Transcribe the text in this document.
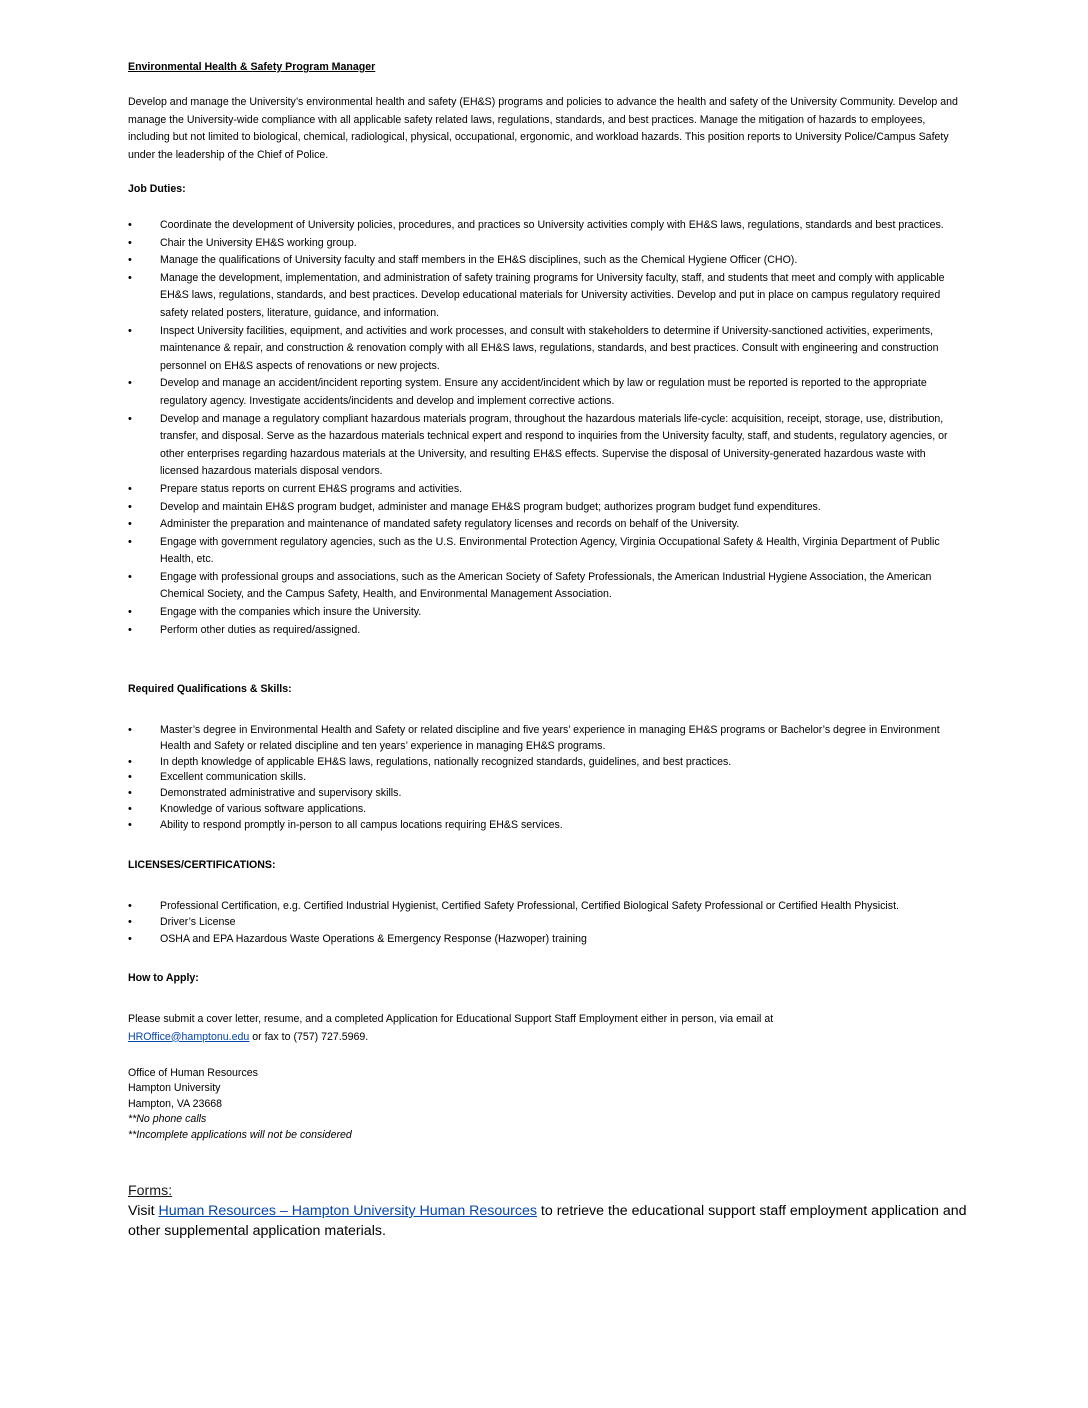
Environmental Health & Safety Program Manager
Develop and manage the University’s environmental health and safety (EH&S) programs and policies to advance the health and safety of the University Community. Develop and manage the University-wide compliance with all applicable safety related laws, regulations, standards, and best practices. Manage the mitigation of hazards to employees, including but not limited to biological, chemical, radiological, physical, occupational, ergonomic, and workload hazards. This position reports to University Police/Campus Safety under the leadership of the Chief of Police.
Job Duties:
• Coordinate the development of University policies, procedures, and practices so University activities comply with EH&S laws, regulations, standards and best practices.
• Chair the University EH&S working group.
• Manage the qualifications of University faculty and staff members in the EH&S disciplines, such as the Chemical Hygiene Officer (CHO).
• Manage the development, implementation, and administration of safety training programs for University faculty, staff, and students that meet and comply with applicable EH&S laws, regulations, standards, and best practices. Develop educational materials for University activities. Develop and put in place on campus regulatory required safety related posters, literature, guidance, and information.
• Inspect University facilities, equipment, and activities and work processes, and consult with stakeholders to determine if University-sanctioned activities, experiments, maintenance & repair, and construction & renovation comply with all EH&S laws, regulations, standards, and best practices. Consult with engineering and construction personnel on EH&S aspects of renovations or new projects.
• Develop and manage an accident/incident reporting system. Ensure any accident/incident which by law or regulation must be reported is reported to the appropriate regulatory agency. Investigate accidents/incidents and develop and implement corrective actions.
• Develop and manage a regulatory compliant hazardous materials program, throughout the hazardous materials life-cycle: acquisition, receipt, storage, use, distribution, transfer, and disposal. Serve as the hazardous materials technical expert and respond to inquiries from the University faculty, staff, and students, regulatory agencies, or other enterprises regarding hazardous materials at the University, and resulting EH&S effects. Supervise the disposal of University-generated hazardous waste with licensed hazardous materials disposal vendors.
• Prepare status reports on current EH&S programs and activities.
• Develop and maintain EH&S program budget, administer and manage EH&S program budget; authorizes program budget fund expenditures.
• Administer the preparation and maintenance of mandated safety regulatory licenses and records on behalf of the University.
• Engage with government regulatory agencies, such as the U.S. Environmental Protection Agency, Virginia Occupational Safety & Health, Virginia Department of Public Health, etc.
• Engage with professional groups and associations, such as the American Society of Safety Professionals, the American Industrial Hygiene Association, the American Chemical Society, and the Campus Safety, Health, and Environmental Management Association.
• Engage with the companies which insure the University.
• Perform other duties as required/assigned.
Required Qualifications & Skills:
• Master’s degree in Environmental Health and Safety or related discipline and five years’ experience in managing EH&S programs or Bachelor’s degree in Environment Health and Safety or related discipline and ten years’ experience in managing EH&S programs.
• In depth knowledge of applicable EH&S laws, regulations, nationally recognized standards, guidelines, and best practices.
• Excellent communication skills.
• Demonstrated administrative and supervisory skills.
• Knowledge of various software applications.
• Ability to respond promptly in-person to all campus locations requiring EH&S services.
LICENSES/CERTIFICATIONS:
• Professional Certification, e.g. Certified Industrial Hygienist, Certified Safety Professional, Certified Biological Safety Professional or Certified Health Physicist.
• Driver’s License
• OSHA and EPA Hazardous Waste Operations & Emergency Response (Hazwoper) training
How to Apply:
Please submit a cover letter, resume, and a completed Application for Educational Support Staff Employment either in person, via email at
HROffice@hamptonu.edu or fax to (757) 727.5969.
Office of Human Resources
Hampton University
Hampton, VA 23668
**No phone calls
**Incomplete applications will not be considered
Forms:
Visit Human Resources – Hampton University Human Resources to retrieve the educational support staff employment application and other supplemental application materials.
